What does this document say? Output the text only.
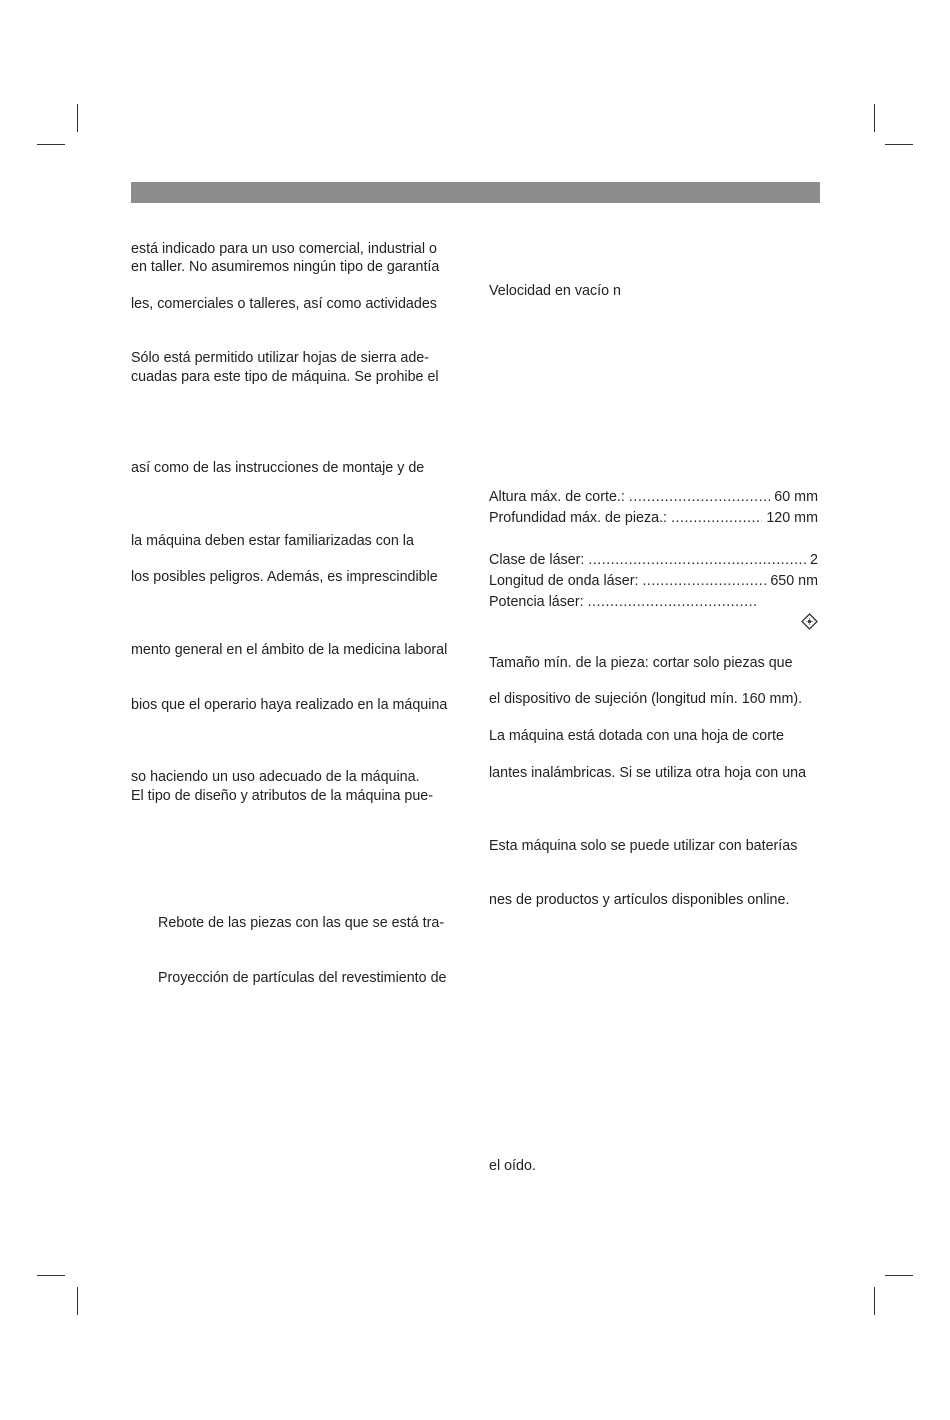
está indicado para un uso comercial, industrial o
en taller. No asumiremos ningún tipo de garantía
les, comerciales o talleres, así como actividades
Sólo está permitido utilizar hojas de sierra ade-
cuadas para este tipo de máquina. Se prohibe el
así como de las instrucciones de montaje y de
la máquina deben estar familiarizadas con la
los posibles peligros. Además, es imprescindible
mento general en el ámbito de la medicina laboral
bios que el operario haya realizado en la máquina
so haciendo un uso adecuado de la máquina.
El tipo de diseño y atributos de la máquina pue-
Rebote de las piezas con las que se está tra-
Proyección de partículas del revestimiento de
Velocidad en vacío n
Altura máx. de corte.: .....	60 mm
Profundidad máx. de pieza.: .....	120 mm
Clase de láser: .....	2
Longitud de onda láser: .....	650 nm
Potencia láser:
.....
Tamaño mín. de la pieza: cortar solo piezas que
el dispositivo de sujeción (longitud mín. 160 mm).
La máquina está dotada con una hoja de corte
lantes inalámbricas. Si se utiliza otra hoja con una
Esta máquina solo se puede utilizar con baterías
nes de productos y artículos disponibles online.
el oído.
